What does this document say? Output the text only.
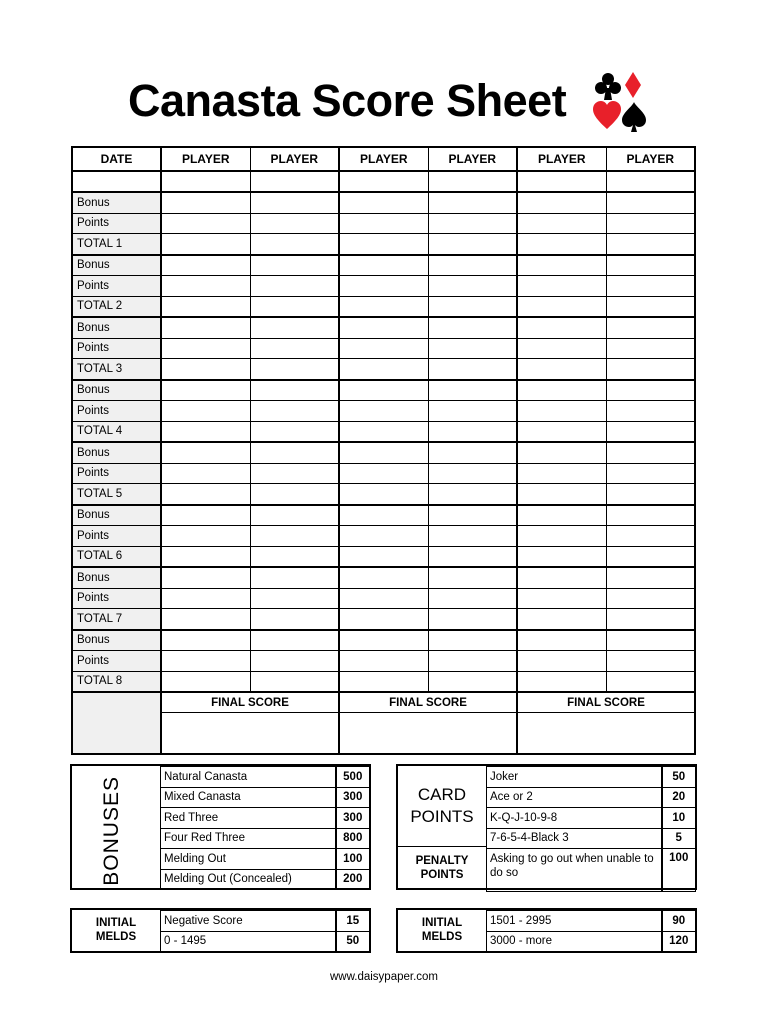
Canasta Score Sheet
DATE	PLAYER	PLAYER	PLAYER	PLAYER	PLAYER	PLAYER

Bonus						
Points						
TOTAL 1						
Bonus						
Points						
TOTAL 2						
Bonus						
Points						
TOTAL 3						
Bonus						
Points						
TOTAL 4						
Bonus						
Points						
TOTAL 5						
Bonus						
Points						
TOTAL 6						
Bonus						
Points						
TOTAL 7						
Bonus						
Points						
TOTAL 8						
	FINAL SCORE		FINAL SCORE		FINAL SCORE	

BONUSES	Natural Canasta	500
Mixed Canasta	300
Red Three	300
Four Red Three	800
Melding Out	100
Melding Out (Concealed)	200
CARD
POINTS
PENALTY
POINTS
Joker	50
Ace or 2	20
K-Q-J-10-9-8	10
7-6-5-4-Black 3	5
Asking to go out when unable to do so	100
INITIAL
MELDS
Negative Score	15
0 - 1495	50
INITIAL
MELDS
1501 - 2995	90
3000 - more	120
www.daisypaper.com
